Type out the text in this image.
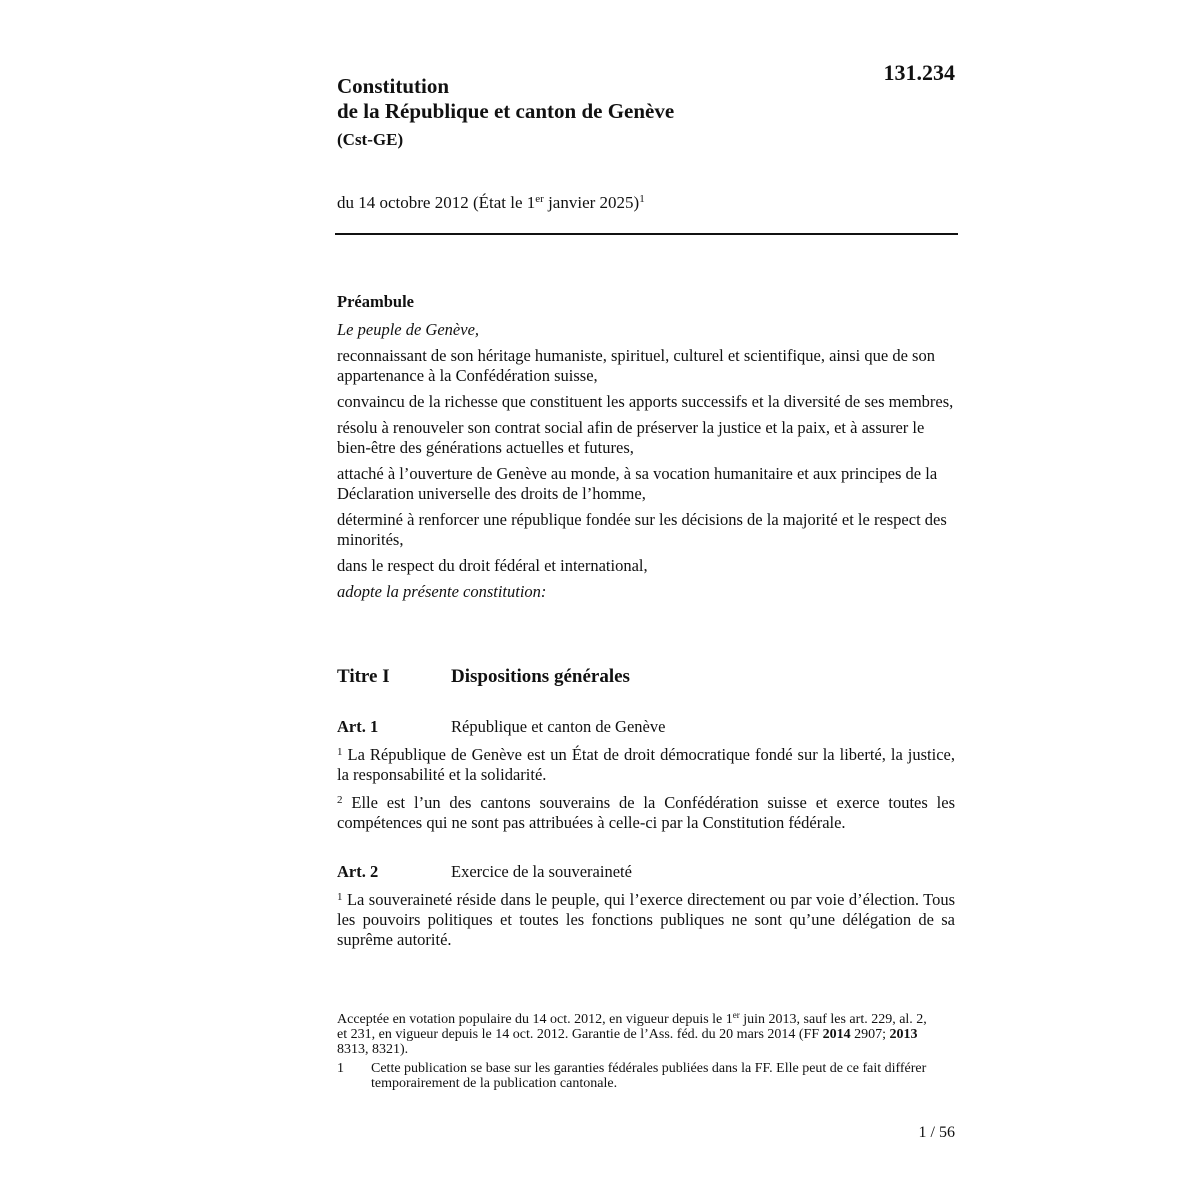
131.234
Constitution
de la République et canton de Genève
(Cst-GE)
du 14 octobre 2012 (État le 1er janvier 2025)$^1$
Préambule
Le peuple de Genève,
reconnaissant de son héritage humaniste, spirituel, culturel et scientifique, ainsi que de son appartenance à la Confédération suisse,
convaincu de la richesse que constituent les apports successifs et la diversité de ses membres,
résolu à renouveler son contrat social afin de préserver la justice et la paix, et à assurer le bien-être des générations actuelles et futures,
attaché à l’ouverture de Genève au monde, à sa vocation humanitaire et aux principes de la Déclaration universelle des droits de l’homme,
déterminé à renforcer une république fondée sur les décisions de la majorité et le respect des minorités,
dans le respect du droit fédéral et international,
adopte la présente constitution:
Titre I	Dispositions générales
Art. 1	République et canton de Genève
$^1$ La République de Genève est un État de droit démocratique fondé sur la liberté, la justice, la responsabilité et la solidarité.
$^2$ Elle est l’un des cantons souverains de la Confédération suisse et exerce toutes les compétences qui ne sont pas attribuées à celle-ci par la Constitution fédérale.
Art. 2	Exercice de la souveraineté
$^1$ La souveraineté réside dans le peuple, qui l’exerce directement ou par voie d’élection. Tous les pouvoirs politiques et toutes les fonctions publiques ne sont qu’une délégation de sa suprême autorité.
Acceptée en votation populaire du 14 oct. 2012, en vigueur depuis le 1er juin 2013, sauf les art. 229, al. 2, et 231, en vigueur depuis le 14 oct. 2012. Garantie de l’Ass. féd. du 20 mars 2014 (FF 2014 2907; 2013 8313, 8321).
1 Cette publication se base sur les garanties fédérales publiées dans la FF. Elle peut de ce fait différer temporairement de la publication cantonale.
1 / 56
